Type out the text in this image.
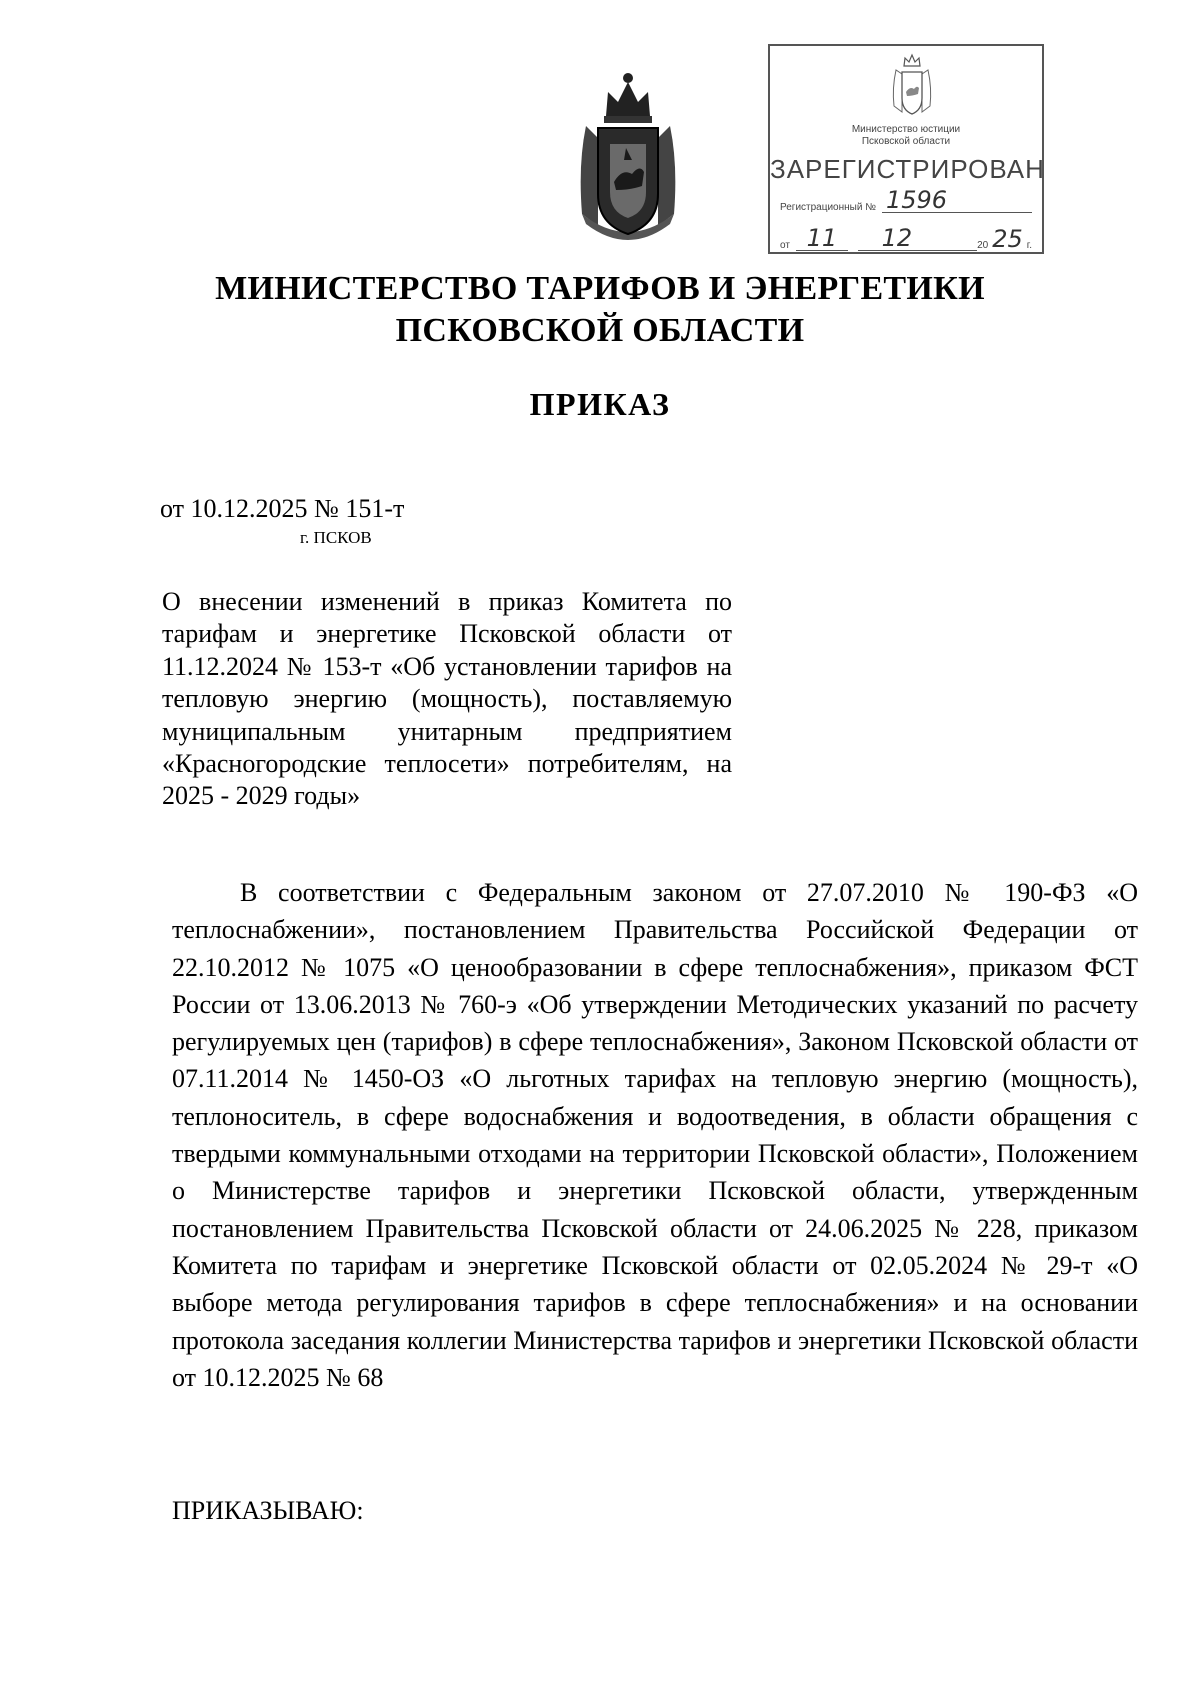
Министерство юстиции
Псковской области
ЗАРЕГИСТРИРОВАН
Регистрационный № 1596
от 11	12	20 25 г.
МИНИСТЕРСТВО ТАРИФОВ И ЭНЕРГЕТИКИ
ПСКОВСКОЙ ОБЛАСТИ
ПРИКАЗ
от 10.12.2025 № 151-т
г. ПСКОВ
О внесении изменений в приказ Комитета по тарифам и энергетике Псковской области от 11.12.2024 № 153-т «Об установлении тарифов на тепловую энергию (мощность), поставляемую муниципальным унитарным предприятием «Красногородские теплосети» потребителям, на 2025 - 2029 годы»

В соответствии с Федеральным законом от 27.07.2010 № 190-ФЗ «О теплоснабжении», постановлением Правительства Российской Федерации от 22.10.2012 № 1075 «О ценообразовании в сфере теплоснабжения», приказом ФСТ России от 13.06.2013 № 760-э «Об утверждении Методических указаний по расчету регулируемых цен (тарифов) в сфере теплоснабжения», Законом Псковской области от 07.11.2014 № 1450-ОЗ «О льготных тарифах на тепловую энергию (мощность), теплоноситель, в сфере водоснабжения и водоотведения, в области обращения с твердыми коммунальными отходами на территории Псковской области», Положением о Министерстве тарифов и энергетики Псковской области, утвержденным постановлением Правительства Псковской области от 24.06.2025 № 228, приказом Комитета по тарифам и энергетике Псковской области от 02.05.2024 № 29-т «О выборе метода регулирования тарифов в сфере теплоснабжения» и на основании протокола заседания коллегии Министерства тарифов и энергетики Псковской области от 10.12.2025 № 68

ПРИКАЗЫВАЮ:
